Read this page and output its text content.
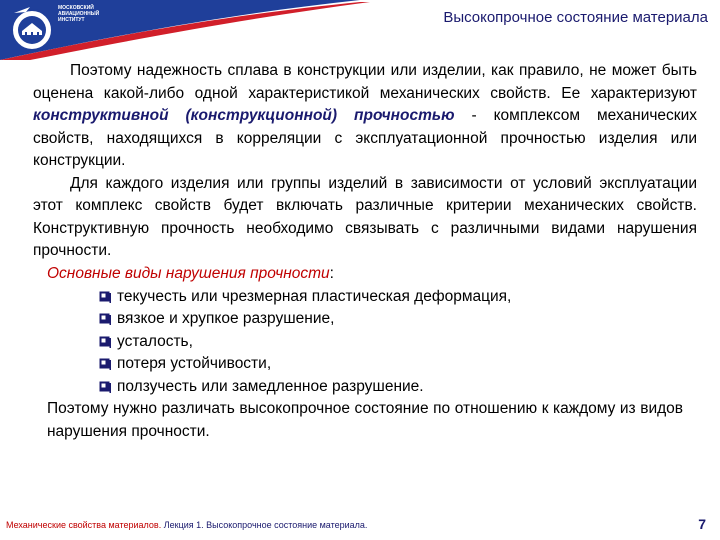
МОСКОВСКИЙ АВИАЦИОННЫЙ ИНСТИТУТ	Высокопрочное состояние материала

Поэтому надежность сплава в конструкции или изделии, как правило, не может быть оценена какой-либо одной характеристикой механических свойств. Ее характеризуют конструктивной (конструкционной) прочностью - комплексом механических свойств, находящихся в корреляции с эксплуатационной прочностью изделия или конструкции.

Для каждого изделия или группы изделий в зависимости от условий эксплуатации этот комплекс свойств будет включать различные критерии механических свойств. Конструктивную прочность необходимо связывать с различными видами нарушения прочности.

Основные виды нарушения прочности:
текучесть или чрезмерная пластическая деформация,
вязкое и хрупкое разрушение,
усталость,
потеря устойчивости,
ползучесть или замедленное разрушение.

Поэтому нужно различать высокопрочное состояние по отношению к каждому из видов нарушения прочности.

Механические свойства материалов. Лекция 1. Высокопрочное состояние материала.	7
